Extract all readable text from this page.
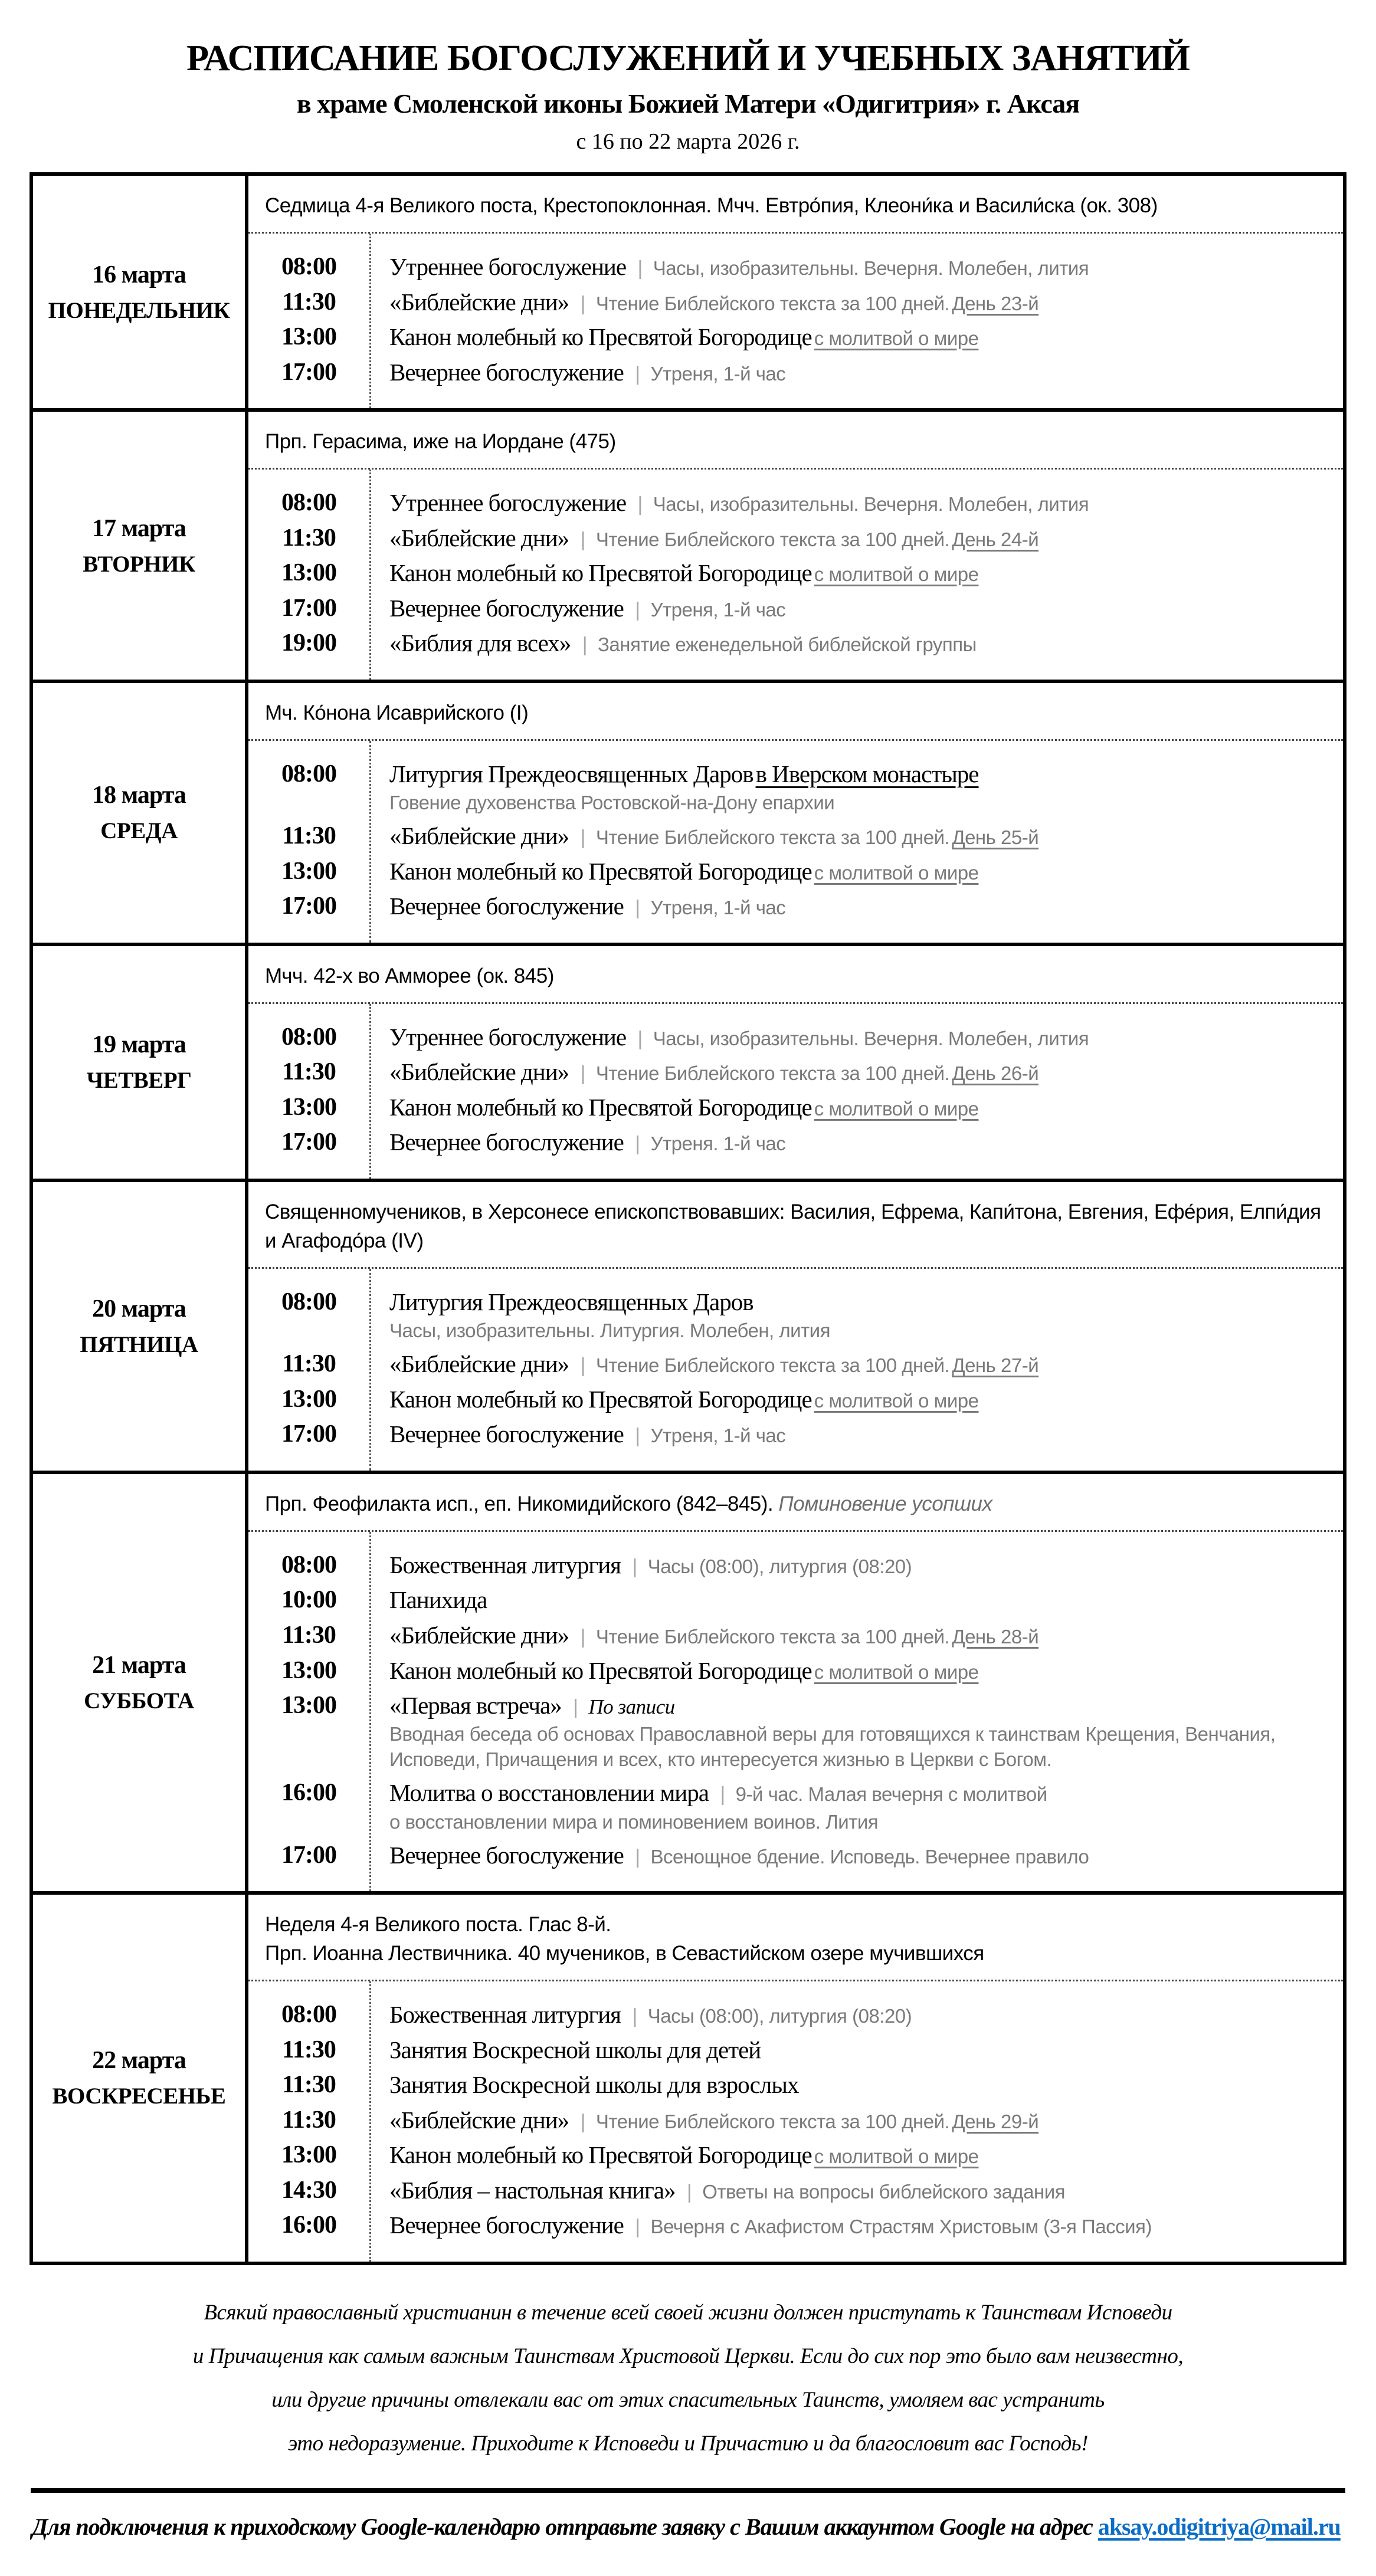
РАСПИСАНИЕ БОГОСЛУЖЕНИЙ И УЧЕБНЫХ ЗАНЯТИЙ
в храме Смоленской иконы Божией Матери «Одигитрия» г. Аксая
с 16 по 22 марта 2026 г.
16 марта
ПОНЕДЕЛЬНИК
Седмица 4-я Великого поста, Крестопоклонная. Мчч. Евтро́пия, Клеони́ка и Васили́ска (ок. 308)
08:00	Утреннее богослужение | Часы, изобразительны. Вечерня. Молебен, лития
11:30	«Библейские дни» | Чтение Библейского текста за 100 дней. День 23-й
13:00	Канон молебный ко Пресвятой Богородице с молитвой о мире
17:00	Вечернее богослужение | Утреня, 1-й час
17 марта
ВТОРНИК
Прп. Герасима, иже на Иордане (475)
08:00	Утреннее богослужение | Часы, изобразительны. Вечерня. Молебен, лития
11:30	«Библейские дни» | Чтение Библейского текста за 100 дней. День 24-й
13:00	Канон молебный ко Пресвятой Богородице с молитвой о мире
17:00	Вечернее богослужение | Утреня, 1-й час
19:00	«Библия для всех» | Занятие еженедельной библейской группы
18 марта
СРЕДА
Мч. Ко́нона Исаврийского (I)
08:00	Литургия Преждеосвященных Даров в Иверском монастыре
Говение духовенства Ростовской-на-Дону епархии
11:30	«Библейские дни» | Чтение Библейского текста за 100 дней. День 25-й
13:00	Канон молебный ко Пресвятой Богородице с молитвой о мире
17:00	Вечернее богослужение | Утреня, 1-й час
19 марта
ЧЕТВЕРГ
Мчч. 42-х во Амморее (ок. 845)
08:00	Утреннее богослужение | Часы, изобразительны. Вечерня. Молебен, лития
11:30	«Библейские дни» | Чтение Библейского текста за 100 дней. День 26-й
13:00	Канон молебный ко Пресвятой Богородице с молитвой о мире
17:00	Вечернее богослужение | Утреня. 1-й час
20 марта
ПЯТНИЦА
Священномучеников, в Херсонесе епископствовавших: Василия, Ефрема, Капи́тона, Евгения, Ефе́рия, Елпи́дия и Агафодо́ра (IV)
08:00	Литургия Преждеосвященных Даров
Часы, изобразительны. Литургия. Молебен, лития
11:30	«Библейские дни» | Чтение Библейского текста за 100 дней. День 27-й
13:00	Канон молебный ко Пресвятой Богородице с молитвой о мире
17:00	Вечернее богослужение | Утреня, 1-й час
21 марта
СУББОТА
Прп. Феофилакта исп., еп. Никомидийского (842–845). Поминовение усопших
08:00	Божественная литургия | Часы (08:00), литургия (08:20)
10:00	Панихида
11:30	«Библейские дни» | Чтение Библейского текста за 100 дней. День 28-й
13:00	Канон молебный ко Пресвятой Богородице с молитвой о мире
13:00	«Первая встреча» | По записи
Вводная беседа об основах Православной веры для готовящихся к таинствам Крещения, Венчания, Исповеди, Причащения и всех, кто интересуется жизнью в Церкви с Богом.
16:00	Молитва о восстановлении мира | 9-й час. Малая вечерня с молитвой
о восстановлении мира и поминовением воинов. Лития
17:00	Вечернее богослужение | Всенощное бдение. Исповедь. Вечернее правило
22 марта
ВОСКРЕСЕНЬЕ
Неделя 4-я Великого поста. Глас 8-й.
Прп. Иоанна Лествичника. 40 мучеников, в Севастийском озере мучившихся
08:00	Божественная литургия | Часы (08:00), литургия (08:20)
11:30	Занятия Воскресной школы для детей
11:30	Занятия Воскресной школы для взрослых
11:30	«Библейские дни» | Чтение Библейского текста за 100 дней. День 29-й
13:00	Канон молебный ко Пресвятой Богородице с молитвой о мире
14:30	«Библия – настольная книга» | Ответы на вопросы библейского задания
16:00	Вечернее богослужение | Вечерня с Акафистом Страстям Христовым (3-я Пассия)
Всякий православный христианин в течение всей своей жизни должен приступать к Таинствам Исповеди
и Причащения как самым важным Таинствам Христовой Церкви. Если до сих пор это было вам неизвестно,
или другие причины отвлекали вас от этих спасительных Таинств, умоляем вас устранить
это недоразумение. Приходите к Исповеди и Причастию и да благословит вас Господь!
Для подключения к приходскому Google-календарю отправьте заявку с Вашим аккаунтом Google на адрес aksay.odigitriya@mail.ru
